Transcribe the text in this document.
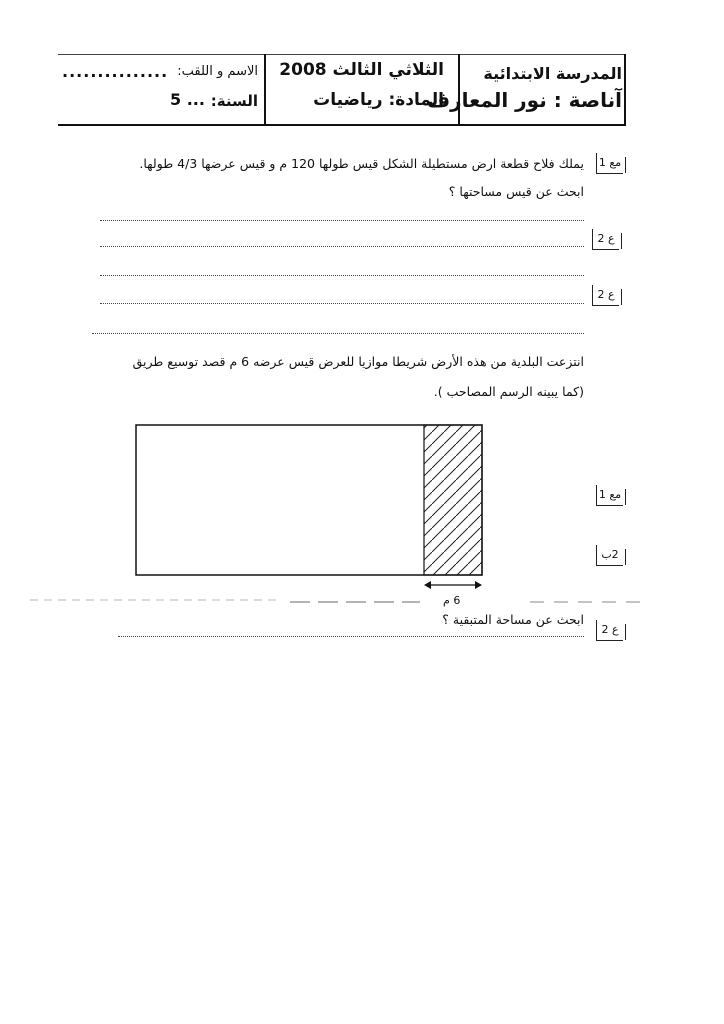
المدرسة الابتدائية
آناصة : نور المعارف
الثلاثي الثالث 2008
المادة: رياضيات
الاسم و اللقب:
...............
السنة:
5 ...
مع 1
ع 2
ع 2
مع 1
2ب
ع 2
يملك فلاح قطعة ارض مستطيلة الشكل قيس طولها 120 م و قيس عرضها 4/3 طولها.
ابحث عن قيس مساحتها ؟
انتزعت البلدية من هذه الأرض شريطا موازيا للعرض قيس عرضه 6 م قصد توسيع طريق
(كما يبينه الرسم المصاحب ).
6 م
ابحث عن مساحة المتبقية ؟
